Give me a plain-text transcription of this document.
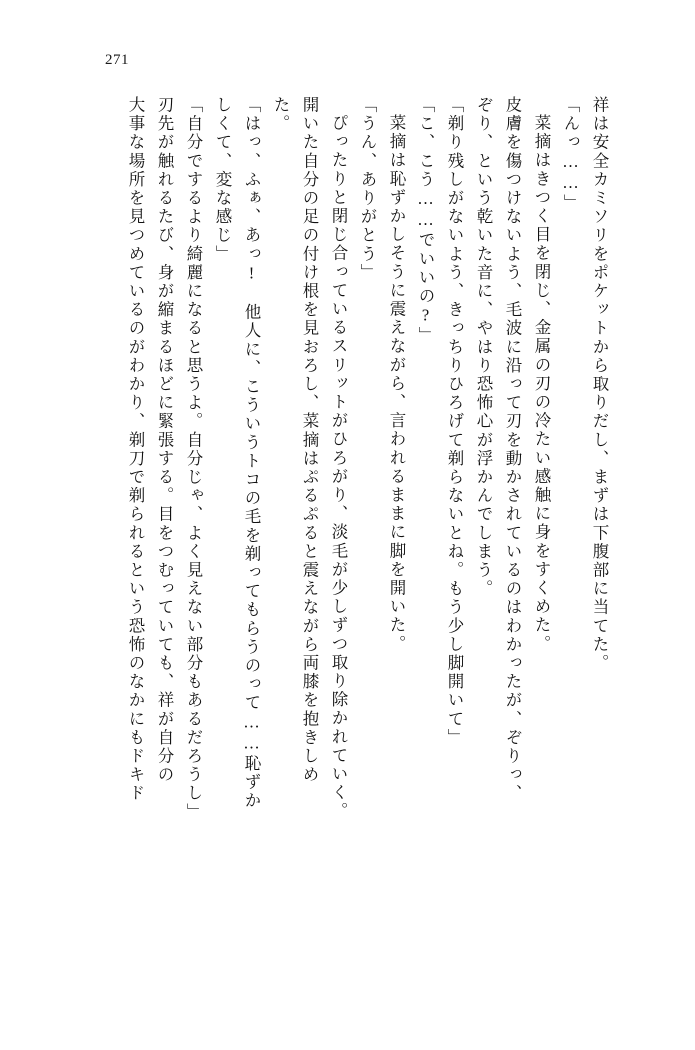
271
祥は安全カミソリをポケットから取りだし、まずは下腹部に当てた。
「んっ……」
菜摘はきつく目を閉じ、金属の刃の冷たい感触に身をすくめた。
皮膚を傷つけないよう、毛波に沿って刃を動かされているのはわかったが、ぞりっ、
ぞり、という乾いた音に、やはり恐怖心が浮かんでしまう。
「剃り残しがないよう、きっちりひろげて剃らないとね。もう少し脚開いて」
「こ、こう……でいいの?」
菜摘は恥ずかしそうに震えながら、言われるままに脚を開いた。
「うん、ありがとう」
ぴったりと閉じ合っているスリットがひろがり、淡毛が少しずつ取り除かれていく。
開いた自分の足の付け根を見おろし、菜摘はぷるぷると震えながら両膝を抱きしめ
た。
「はっ、ふぁ、あっ!　他人に、こういうトコの毛を剃ってもらうのって……恥ずか
しくて、変な感じ」
「自分でするより綺麗になると思うよ。自分じゃ、よく見えない部分もあるだろうし」
刃先が触れるたび、身が縮まるほどに緊張する。目をつむっていても、祥が自分の
大事な場所を見つめているのがわかり、剃刀で剃られるという恐怖のなかにもドキド
